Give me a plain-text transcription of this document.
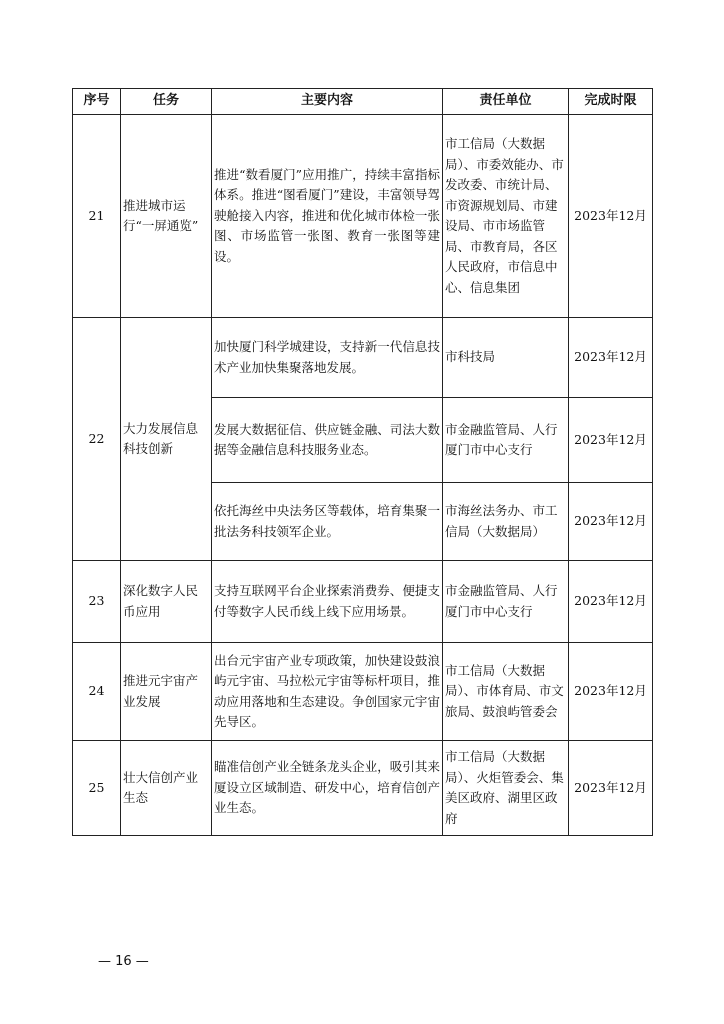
序号	任务	主要内容	责任单位	完成时限
21	推进城市运行“一屏通览”	推进“数看厦门”应用推广，持续丰富指标体系。推进“图看厦门”建设，丰富领导驾驶舱接入内容，推进和优化城市体检一张图、市场监管一张图、教育一张图等建设。	市工信局（大数据局）、市委效能办、市发改委、市统计局、市资源规划局、市建设局、市市场监管局、市教育局，各区人民政府，市信息中心、信息集团	2023年12月
22	大力发展信息科技创新	加快厦门科学城建设，支持新一代信息技术产业加快集聚落地发展。	市科技局	2023年12月
		发展大数据征信、供应链金融、司法大数据等金融信息科技服务业态。	市金融监管局、人行厦门市中心支行	2023年12月
		依托海丝中央法务区等载体，培育集聚一批法务科技领军企业。	市海丝法务办、市工信局（大数据局）	2023年12月
23	深化数字人民币应用	支持互联网平台企业探索消费券、便捷支付等数字人民币线上线下应用场景。	市金融监管局、人行厦门市中心支行	2023年12月
24	推进元宇宙产业发展	出台元宇宙产业专项政策，加快建设鼓浪屿元宇宙、马拉松元宇宙等标杆项目，推动应用落地和生态建设。争创国家元宇宙先导区。	市工信局（大数据局）、市体育局、市文旅局、鼓浪屿管委会	2023年12月
25	壮大信创产业生态	瞄准信创产业全链条龙头企业，吸引其来厦设立区域制造、研发中心，培育信创产业生态。	市工信局（大数据局）、火炬管委会、集美区政府、湖里区政府	2023年12月
— 16 —
